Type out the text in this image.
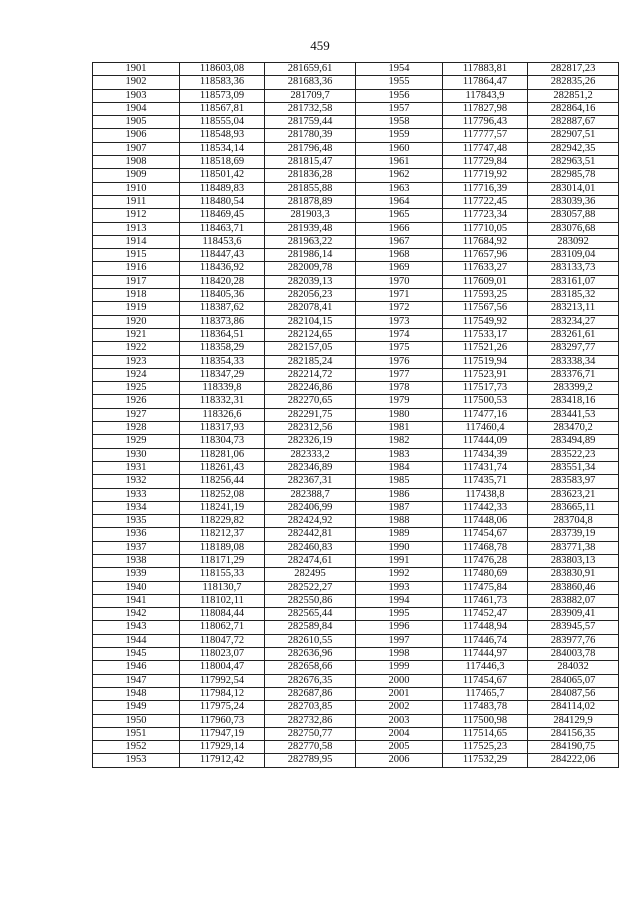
459
1901	118603,08	281659,61	1954	117883,81	282817,23
1902	118583,36	281683,36	1955	117864,47	282835,26
1903	118573,09	281709,7	1956	117843,9	282851,2
1904	118567,81	281732,58	1957	117827,98	282864,16
1905	118555,04	281759,44	1958	117796,43	282887,67
1906	118548,93	281780,39	1959	117777,57	282907,51
1907	118534,14	281796,48	1960	117747,48	282942,35
1908	118518,69	281815,47	1961	117729,84	282963,51
1909	118501,42	281836,28	1962	117719,92	282985,78
1910	118489,83	281855,88	1963	117716,39	283014,01
1911	118480,54	281878,89	1964	117722,45	283039,36
1912	118469,45	281903,3	1965	117723,34	283057,88
1913	118463,71	281939,48	1966	117710,05	283076,68
1914	118453,6	281963,22	1967	117684,92	283092
1915	118447,43	281986,14	1968	117657,96	283109,04
1916	118436,92	282009,78	1969	117633,27	283133,73
1917	118420,28	282039,13	1970	117609,01	283161,07
1918	118405,36	282056,23	1971	117593,25	283185,32
1919	118387,62	282078,41	1972	117567,56	283213,11
1920	118373,86	282104,15	1973	117549,92	283234,27
1921	118364,51	282124,65	1974	117533,17	283261,61
1922	118358,29	282157,05	1975	117521,26	283297,77
1923	118354,33	282185,24	1976	117519,94	283338,34
1924	118347,29	282214,72	1977	117523,91	283376,71
1925	118339,8	282246,86	1978	117517,73	283399,2
1926	118332,31	282270,65	1979	117500,53	283418,16
1927	118326,6	282291,75	1980	117477,16	283441,53
1928	118317,93	282312,56	1981	117460,4	283470,2
1929	118304,73	282326,19	1982	117444,09	283494,89
1930	118281,06	282333,2	1983	117434,39	283522,23
1931	118261,43	282346,89	1984	117431,74	283551,34
1932	118256,44	282367,31	1985	117435,71	283583,97
1933	118252,08	282388,7	1986	117438,8	283623,21
1934	118241,19	282406,99	1987	117442,33	283665,11
1935	118229,82	282424,92	1988	117448,06	283704,8
1936	118212,37	282442,81	1989	117454,67	283739,19
1937	118189,08	282460,83	1990	117468,78	283771,38
1938	118171,29	282474,61	1991	117476,28	283803,13
1939	118155,33	282495	1992	117480,69	283830,91
1940	118130,7	282522,27	1993	117475,84	283860,46
1941	118102,11	282550,86	1994	117461,73	283882,07
1942	118084,44	282565,44	1995	117452,47	283909,41
1943	118062,71	282589,84	1996	117448,94	283945,57
1944	118047,72	282610,55	1997	117446,74	283977,76
1945	118023,07	282636,96	1998	117444,97	284003,78
1946	118004,47	282658,66	1999	117446,3	284032
1947	117992,54	282676,35	2000	117454,67	284065,07
1948	117984,12	282687,86	2001	117465,7	284087,56
1949	117975,24	282703,85	2002	117483,78	284114,02
1950	117960,73	282732,86	2003	117500,98	284129,9
1951	117947,19	282750,77	2004	117514,65	284156,35
1952	117929,14	282770,58	2005	117525,23	284190,75
1953	117912,42	282789,95	2006	117532,29	284222,06
